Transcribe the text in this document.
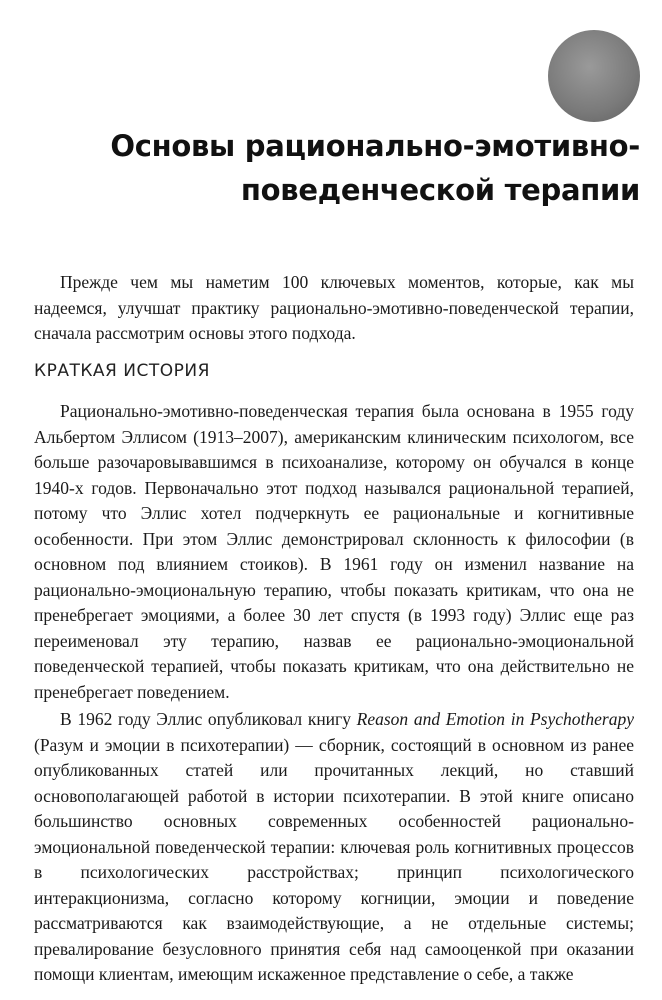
Основы рационально-эмотивно-
поведенческой терапии

Прежде чем мы наметим 100 ключевых моментов, которые, как мы надеемся, улучшат практику рационально-эмотивно-поведенческой терапии, сначала рассмотрим основы этого подхода.

КРАТКАЯ ИСТОРИЯ

Рационально-эмотивно-поведенческая терапия была основана в 1955 году Альбертом Эллисом (1913–2007), американским клиническим психологом, все больше разочаровывавшимся в психоанализе, которому он обучался в конце 1940-х годов. Первоначально этот подход назывался рациональной терапией, потому что Эллис хотел подчеркнуть ее рациональные и когнитивные особенности. При этом Эллис демонстрировал склонность к философии (в основном под влиянием стоиков). В 1961 году он изменил название на рационально-эмоциональную терапию, чтобы показать критикам, что она не пренебрегает эмоциями, а более 30 лет спустя (в 1993 году) Эллис еще раз переименовал эту терапию, назвав ее рационально-эмоциональной поведенческой терапией, чтобы показать критикам, что она действительно не пренебрегает поведением.

В 1962 году Эллис опубликовал книгу Reason and Emotion in Psychotherapy (Разум и эмоции в психотерапии) — сборник, состоящий в основном из ранее опубликованных статей или прочитанных лекций, но ставший основополагающей работой в истории психотерапии. В этой книге описано большинство основных современных особенностей рационально-эмоциональной поведенческой терапии: ключевая роль когнитивных процессов в психологических расстройствах; принцип психологического интеракционизма, согласно которому когниции, эмоции и поведение рассматриваются как взаимодействующие, а не отдельные системы; превалирование безусловного принятия себя над самооценкой при оказании помощи клиентам, имеющим искаженное представление о себе, а также
